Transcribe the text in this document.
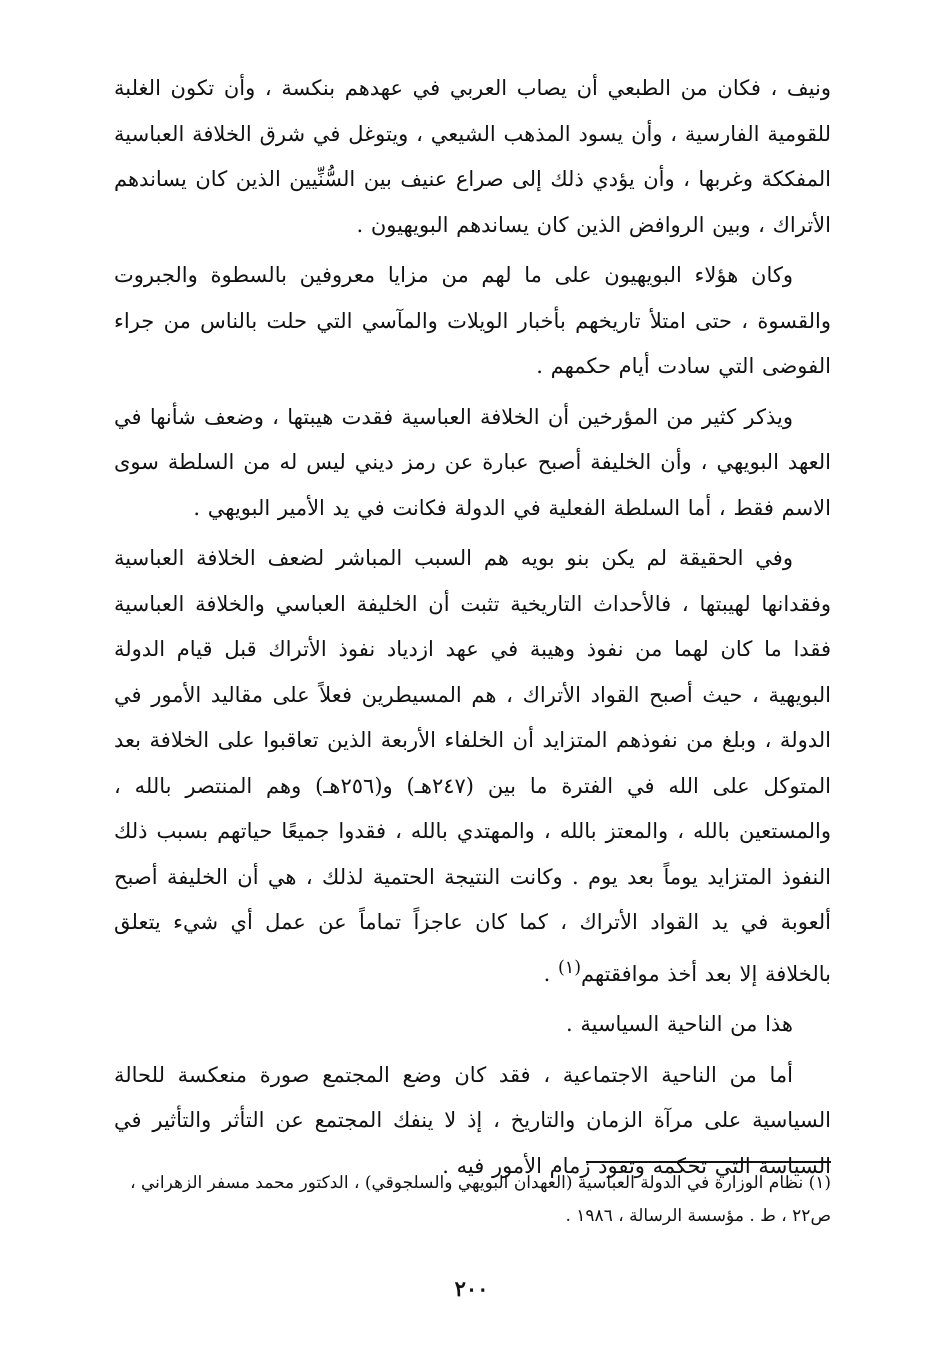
ونيف ، فكان من الطبعي أن يصاب العربي في عهدهم بنكسة ، وأن تكون الغلبة للقومية الفارسية ، وأن يسود المذهب الشيعي ، ويتوغل في شرق الخلافة العباسية المفككة وغربها ، وأن يؤدي ذلك إلى صراع عنيف بين السُّنِّيين الذين كان يساندهم الأتراك ، وبين الروافض الذين كان يساندهم البويهيون .

وكان هؤلاء البويهيون على ما لهم من مزايا معروفين بالسطوة والجبروت والقسوة ، حتى امتلأ تاريخهم بأخبار الويلات والمآسي التي حلت بالناس من جراء الفوضى التي سادت أيام حكمهم .

ويذكر كثير من المؤرخين أن الخلافة العباسية فقدت هيبتها ، وضعف شأنها في العهد البويهي ، وأن الخليفة أصبح عبارة عن رمز ديني ليس له من السلطة سوى الاسم فقط ، أما السلطة الفعلية في الدولة فكانت في يد الأمير البويهي .

وفي الحقيقة لم يكن بنو بويه هم السبب المباشر لضعف الخلافة العباسية وفقدانها لهيبتها ، فالأحداث التاريخية تثبت أن الخليفة العباسي والخلافة العباسية فقدا ما كان لهما من نفوذ وهيبة في عهد ازدياد نفوذ الأتراك قبل قيام الدولة البويهية ، حيث أصبح القواد الأتراك ، هم المسيطرين فعلاً على مقاليد الأمور في الدولة ، وبلغ من نفوذهم المتزايد أن الخلفاء الأربعة الذين تعاقبوا على الخلافة بعد المتوكل على الله في الفترة ما بين (٢٤٧هـ) و(٢٥٦هـ) وهم المنتصر بالله ، والمستعين بالله ، والمعتز بالله ، والمهتدي بالله ، فقدوا جميعًا حياتهم بسبب ذلك النفوذ المتزايد يوماً بعد يوم . وكانت النتيجة الحتمية لذلك ، هي أن الخليفة أصبح ألعوبة في يد القواد الأتراك ، كما كان عاجزاً تماماً عن عمل أي شيء يتعلق بالخلافة إلا بعد أخذ موافقتهم$^{(١)}$ .

هذا من الناحية السياسية .

أما من الناحية الاجتماعية ، فقد كان وضع المجتمع صورة منعكسة للحالة السياسية على مرآة الزمان والتاريخ ، إذ لا ينفك المجتمع عن التأثر والتأثير في السياسة التي تحكمه وتقود زمام الأمور فيه .

(١) نظام الوزارة في الدولة العباسية (العهدان البويهي والسلجوقي) ، الدكتور محمد مسفر الزهراني ، ص٢٢ ، ط . مؤسسة الرسالة ، ١٩٨٦ .

٢٠٠
